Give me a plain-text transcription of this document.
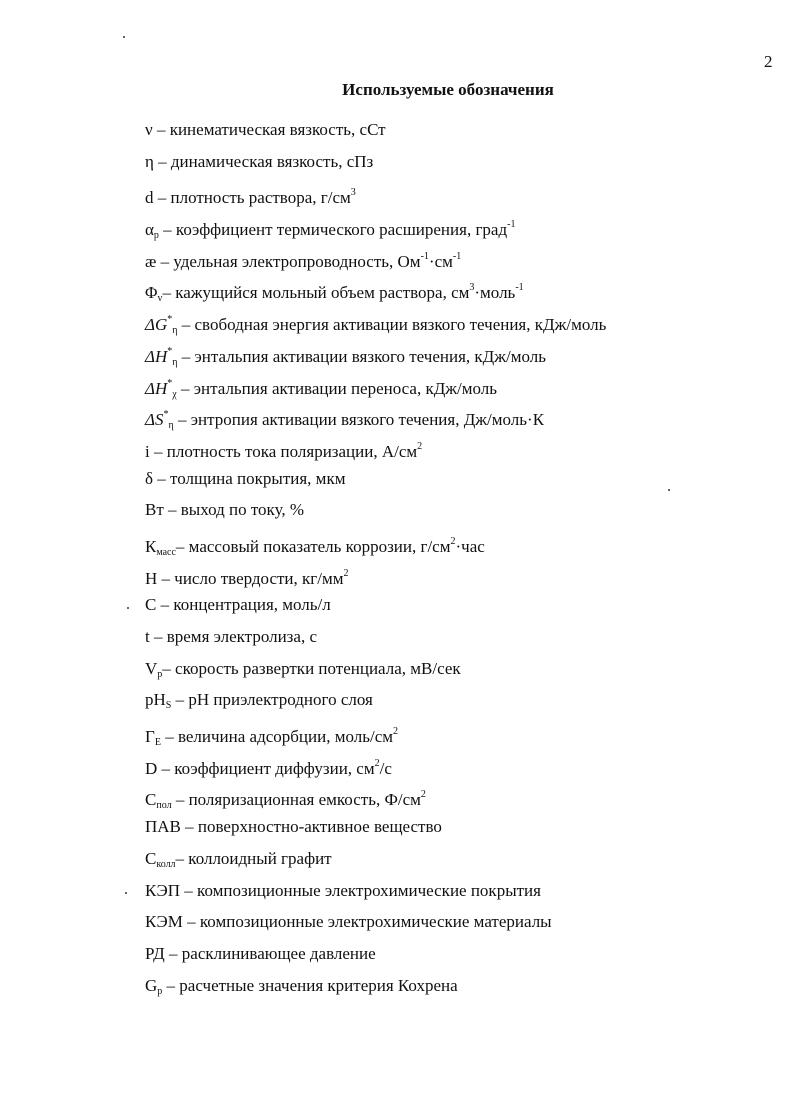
2
Используемые обозначения
ν – кинематическая вязкость, сСт
η – динамическая вязкость, сПз
d – плотность раствора, $г/см^3$
$\alpha_p$ – коэффициент термического расширения, град$^{-1}$
æ – удельная электропроводность, $Ом^{-1}\cdot см^{-1}$
$\Phi_v-$ кажущийся мольный объем раствора, $см^3\cdot моль^{-1}$
$\Delta G^*_\eta$ – свободная энергия активации вязкого течения, кДж/моль
$\Delta H^*_\eta$ – энтальпия активации вязкого течения, кДж/моль
$\Delta H^*_\chi$ – энтальпия активации переноса, кДж/моль
$\Delta S^*_\eta$ – энтропия активации вязкого течения, Дж/моль·К
i – плотность тока поляризации, $А/см^2$
δ – толщина покрытия, мкм
Вт – выход по току, %
$К_{масс}-$ массовый показатель коррозии, $г/см^2\cdot час$
Н – число твердости, $кг/мм^2$
С – концентрация, моль/л
t – время электролиза, с
$V_p-$ скорость развертки потенциала, мВ/сек
$pH_S$ – pH приэлектродного слоя
$Г_E$ – величина адсорбции, моль/$см^2$
D – коэффициент диффузии, $см^2/с$
$С_{пол}$ – поляризационная емкость, $Ф/см^2$
ПАВ – поверхностно-активное вещество
$С_{колл}-$ коллоидный графит
КЭП – композиционные электрохимические покрытия
КЭМ – композиционные электрохимические материалы
РД – расклинивающее давление
$G_p$ – расчетные значения критерия Кохрена
